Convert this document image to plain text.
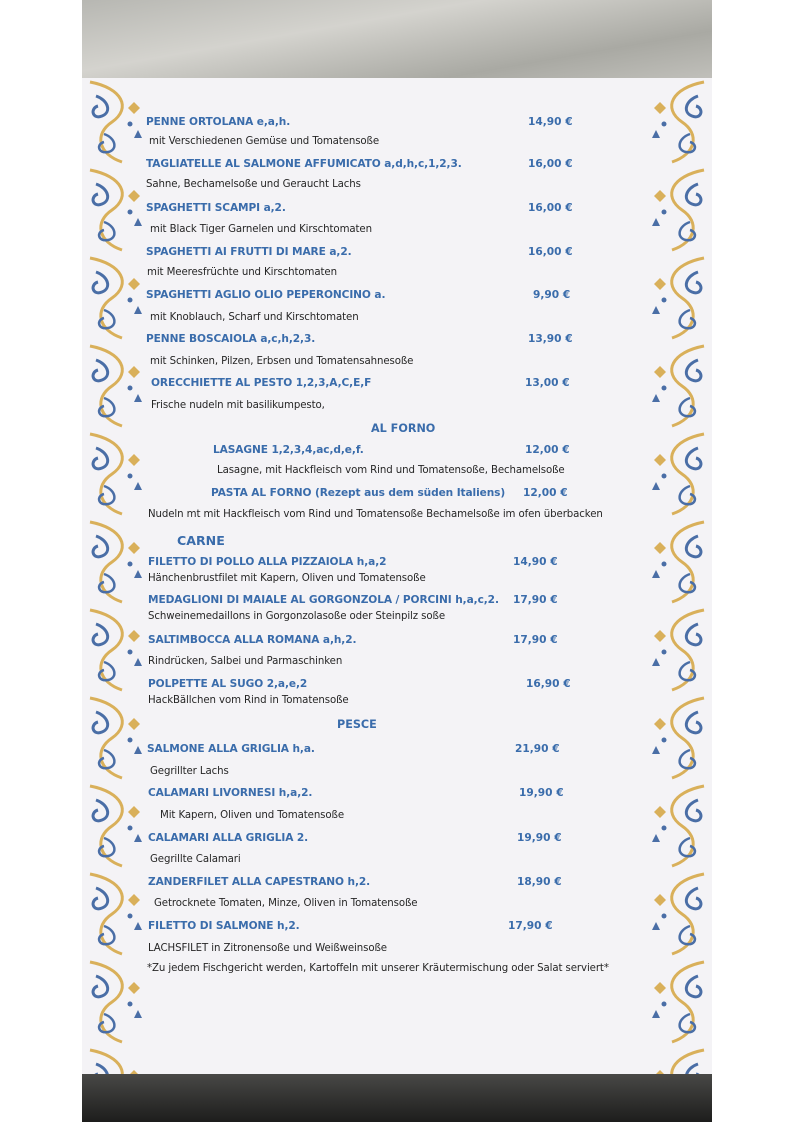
PENNE ORTOLANA e,a,h.	14,90 €
mit Verschiedenen Gemüse und Tomatensoße
TAGLIATELLE AL SALMONE AFFUMICATO a,d,h,c,1,2,3.	16,00 €
Sahne, Bechamelsoße und Geraucht Lachs
SPAGHETTI SCAMPI a,2.	16,00 €
mit Black Tiger Garnelen und Kirschtomaten
SPAGHETTI AI FRUTTI DI MARE a,2.	16,00 €
mit Meeresfrüchte und Kirschtomaten
SPAGHETTI AGLIO OLIO PEPERONCINO a.	9,90 €
mit Knoblauch, Scharf und Kirschtomaten
PENNE BOSCAIOLA a,c,h,2,3.	13,90 €
mit Schinken, Pilzen, Erbsen und Tomatensahnesoße
ORECCHIETTE AL PESTO 1,2,3,A,C,E,F	13,00 €
Frische nudeln mit basilikumpesto,
AL FORNO
LASAGNE 1,2,3,4,ac,d,e,f.	12,00 €
Lasagne, mit Hackfleisch vom Rind und Tomatensoße, Bechamelsoße
PASTA AL FORNO (Rezept aus dem süden Italiens) 12,00 €
Nudeln mt mit Hackfleisch vom Rind und Tomatensoße Bechamelsoße im ofen überbacken
CARNE
FILETTO DI POLLO ALLA PIZZAIOLA h,a,2	14,90 €
Hänchenbrustfilet mit Kapern, Oliven und Tomatensoße
MEDAGLIONI DI MAIALE AL GORGONZOLA / PORCINI h,a,c,2. 17,90 €
Schweinemedaillons in Gorgonzolasoße oder Steinpilz soße
SALTIMBOCCA ALLA ROMANA a,h,2.	17,90 €
Rindrücken, Salbei und Parmaschinken
POLPETTE AL SUGO 2,a,e,2	16,90 €
HackBällchen vom Rind in Tomatensoße
PESCE
SALMONE ALLA GRIGLIA h,a.	21,90 €
Gegrillter Lachs
CALAMARI LIVORNESI h,a,2.	19,90 €
Mit Kapern, Oliven und Tomatensoße
CALAMARI ALLA GRIGLIA 2.	19,90 €
Gegrillte Calamari
ZANDERFILET ALLA CAPESTRANO h,2.	18,90 €
Getrocknete Tomaten, Minze, Oliven in Tomatensoße
FILETTO DI SALMONE h,2.	17,90 €
LACHSFILET in Zitronensoße und Weißweinsoße
*Zu jedem Fischgericht werden, Kartoffeln mit unserer Kräutermischung oder Salat serviert*
